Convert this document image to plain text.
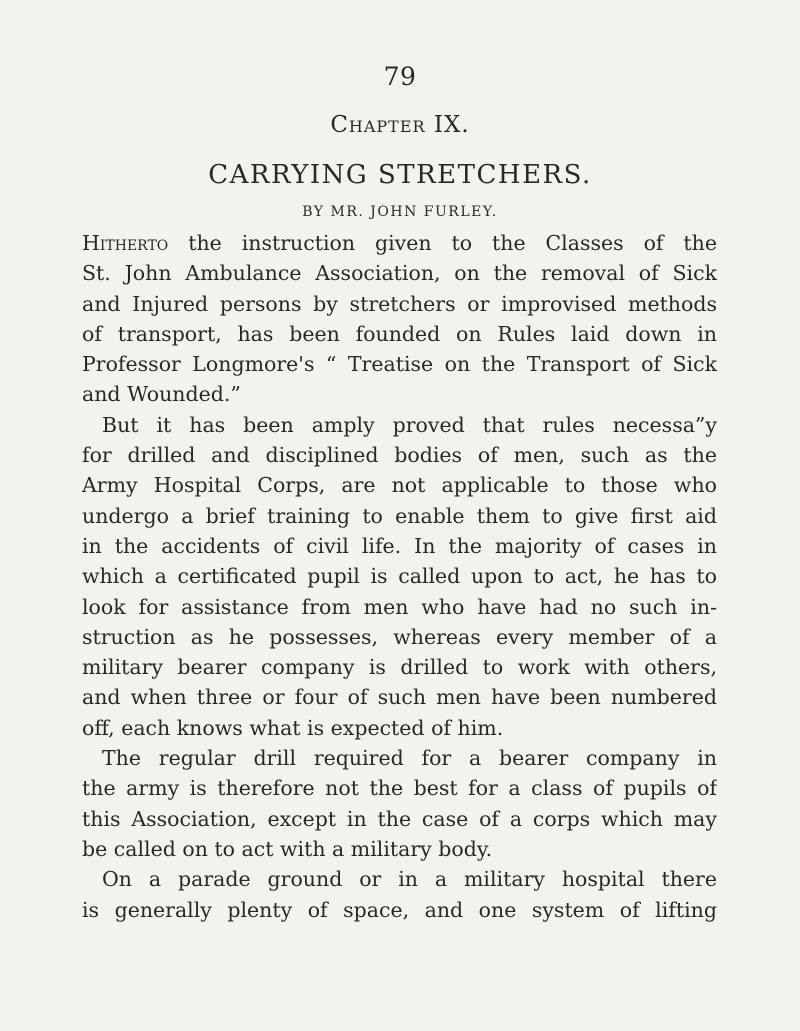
79
Chapter IX.
CARRYING STRETCHERS.
BY MR. JOHN FURLEY.
Hitherto the instruction given to the Classes of the
St. John Ambulance Association, on the removal of Sick
and Injured persons by stretchers or improvised methods
of transport, has been founded on Rules laid down in
Professor Longmore's “ Treatise on the Transport of Sick
and Wounded.”
But it has been amply proved that rules necessa”y
for drilled and disciplined bodies of men, such as the
Army Hospital Corps, are not applicable to those who
undergo a brief training to enable them to give first aid
in the accidents of civil life. In the majority of cases in
which a certificated pupil is called upon to act, he has to
look for assistance from men who have had no such in-
struction as he possesses, whereas every member of a
military bearer company is drilled to work with others,
and when three or four of such men have been numbered
off, each knows what is expected of him.
The regular drill required for a bearer company in
the army is therefore not the best for a class of pupils of
this Association, except in the case of a corps which may
be called on to act with a military body.
On a parade ground or in a military hospital there
is generally plenty of space, and one system of lifting
